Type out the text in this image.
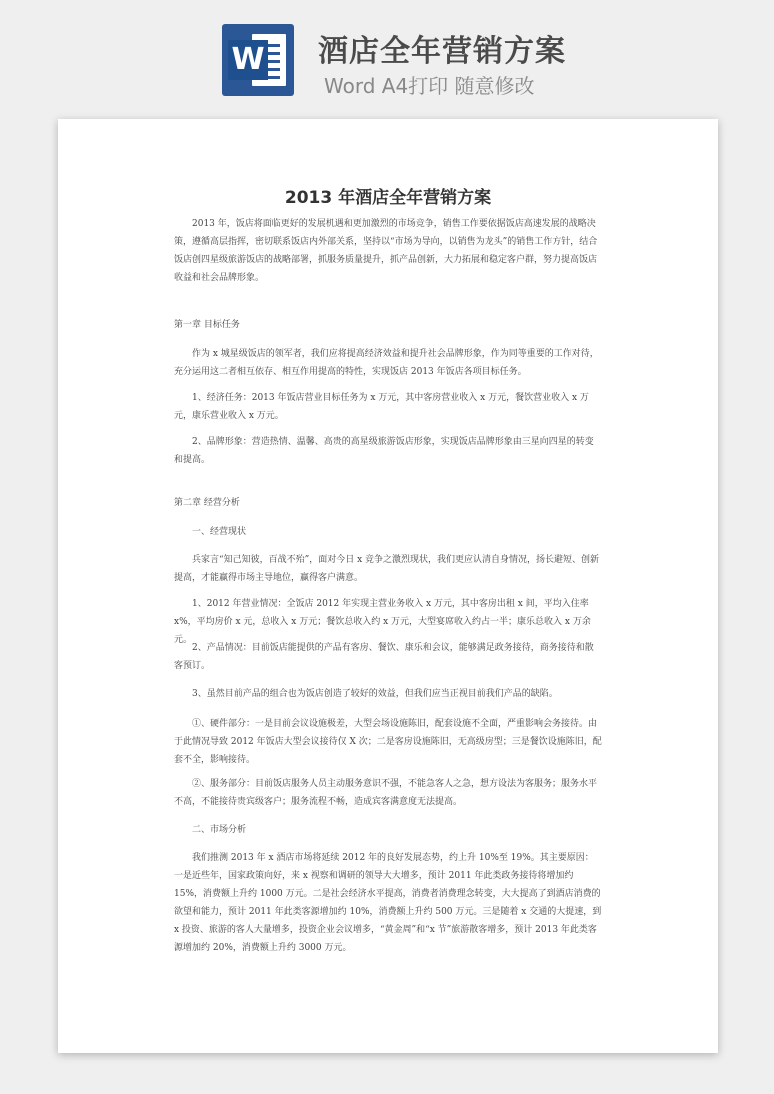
W 酒店全年营销方案
Word A4打印 随意修改
2013 年酒店全年营销方案

2013 年，饭店将面临更好的发展机遇和更加激烈的市场竞争，销售工作要依据饭店高速发展的战略决策，遵循高层指挥，密切联系饭店内外部关系，坚持以“市场为导向，以销售为龙头”的销售工作方针，结合饭店创四星级旅游饭店的战略部署，抓服务质量提升，抓产品创新，大力拓展和稳定客户群，努力提高饭店收益和社会品牌形象。

第一章 目标任务

作为 x 城星级饭店的领军者，我们应将提高经济效益和提升社会品牌形象，作为同等重要的工作对待，充分运用这二者相互依存、相互作用提高的特性，实现饭店 2013 年饭店各项目标任务。

1、经济任务：2013 年饭店营业目标任务为 x 万元，其中客房营业收入 x 万元，餐饮营业收入 x 万元，康乐营业收入 x 万元。

2、品牌形象：营造热情、温馨、高贵的高星级旅游饭店形象，实现饭店品牌形象由三星向四星的转变和提高。

第二章 经营分析

一、经营现状

兵家言“知己知彼，百战不殆”，面对今日 x 竞争之激烈现状，我们更应认清自身情况，扬长避短、创新提高，才能赢得市场主导地位，赢得客户满意。

1、2012 年营业情况：全饭店 2012 年实现主营业务收入 x 万元，其中客房出租 x 间，平均入住率 x%，平均房价 x 元，总收入 x 万元；餐饮总收入约 x 万元，大型宴席收入约占一半；康乐总收入 x 万余元。

2、产品情况：目前饭店能提供的产品有客房、餐饮、康乐和会议，能够满足政务接待，商务接待和散客预订。

3、虽然目前产品的组合也为饭店创造了较好的效益，但我们应当正视目前我们产品的缺陷。

①、硬件部分：一是目前会议设施极差，大型会场设施陈旧，配套设施不全面，严重影响会务接待。由于此情况导致 2012 年饭店大型会议接待仅 X 次；二是客房设施陈旧，无高级房型；三是餐饮设施陈旧，配套不全，影响接待。

②、服务部分：目前饭店服务人员主动服务意识不强，不能急客人之急，想方设法为客服务；服务水平不高，不能接待贵宾级客户；服务流程不畅，造成宾客满意度无法提高。

二、市场分析

我们推测 2013 年 x 酒店市场将延续 2012 年的良好发展态势，约上升 10%至 19%。其主要原因：一是近些年，国家政策向好，来 x 视察和调研的领导大大增多，预计 2011 年此类政务接待将增加约 15%，消费额上升约 1000 万元。二是社会经济水平提高，消费者消费理念转变，大大提高了到酒店消费的欲望和能力，预计 2011 年此类客源增加约 10%，消费额上升约 500 万元。三是随着 x 交通的大提速，到 x 投资、旅游的客人大量增多，投资企业会议增多，“黄金周”和“x 节”旅游散客增多，预计 2013 年此类客源增加约 20%，消费额上升约 3000 万元。
